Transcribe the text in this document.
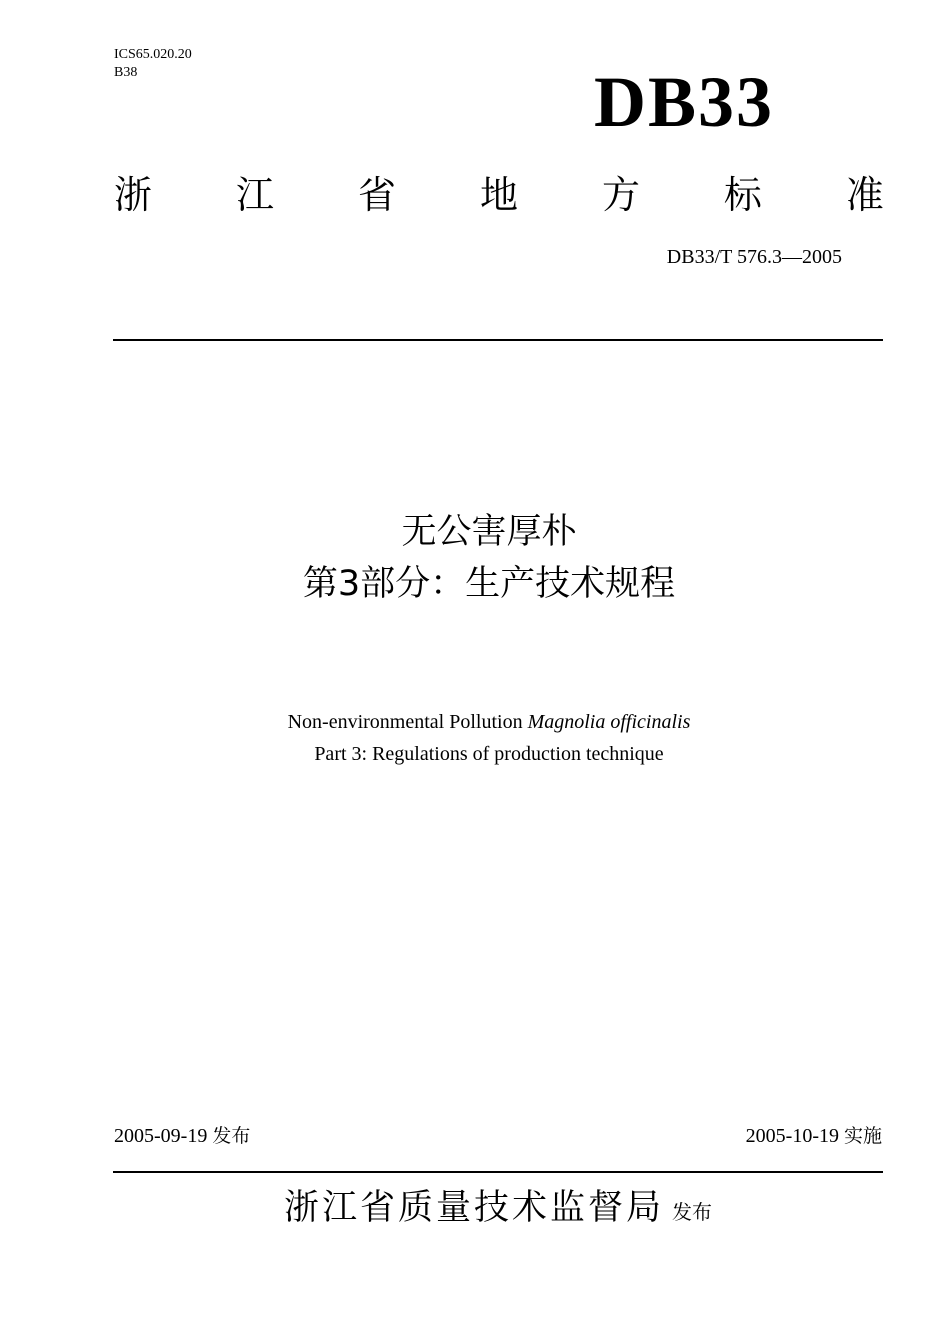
ICS65.020.20
B38	DB33
浙 江 省 地 方 标 准
DB33/T 576.3—2005
无公害厚朴
第3部分：生产技术规程
Non-environmental Pollution Magnolia officinalis
Part 3: Regulations of production technique
2005-09-19 发布	2005-10-19 实施
浙江省质量技术监督局 发布
